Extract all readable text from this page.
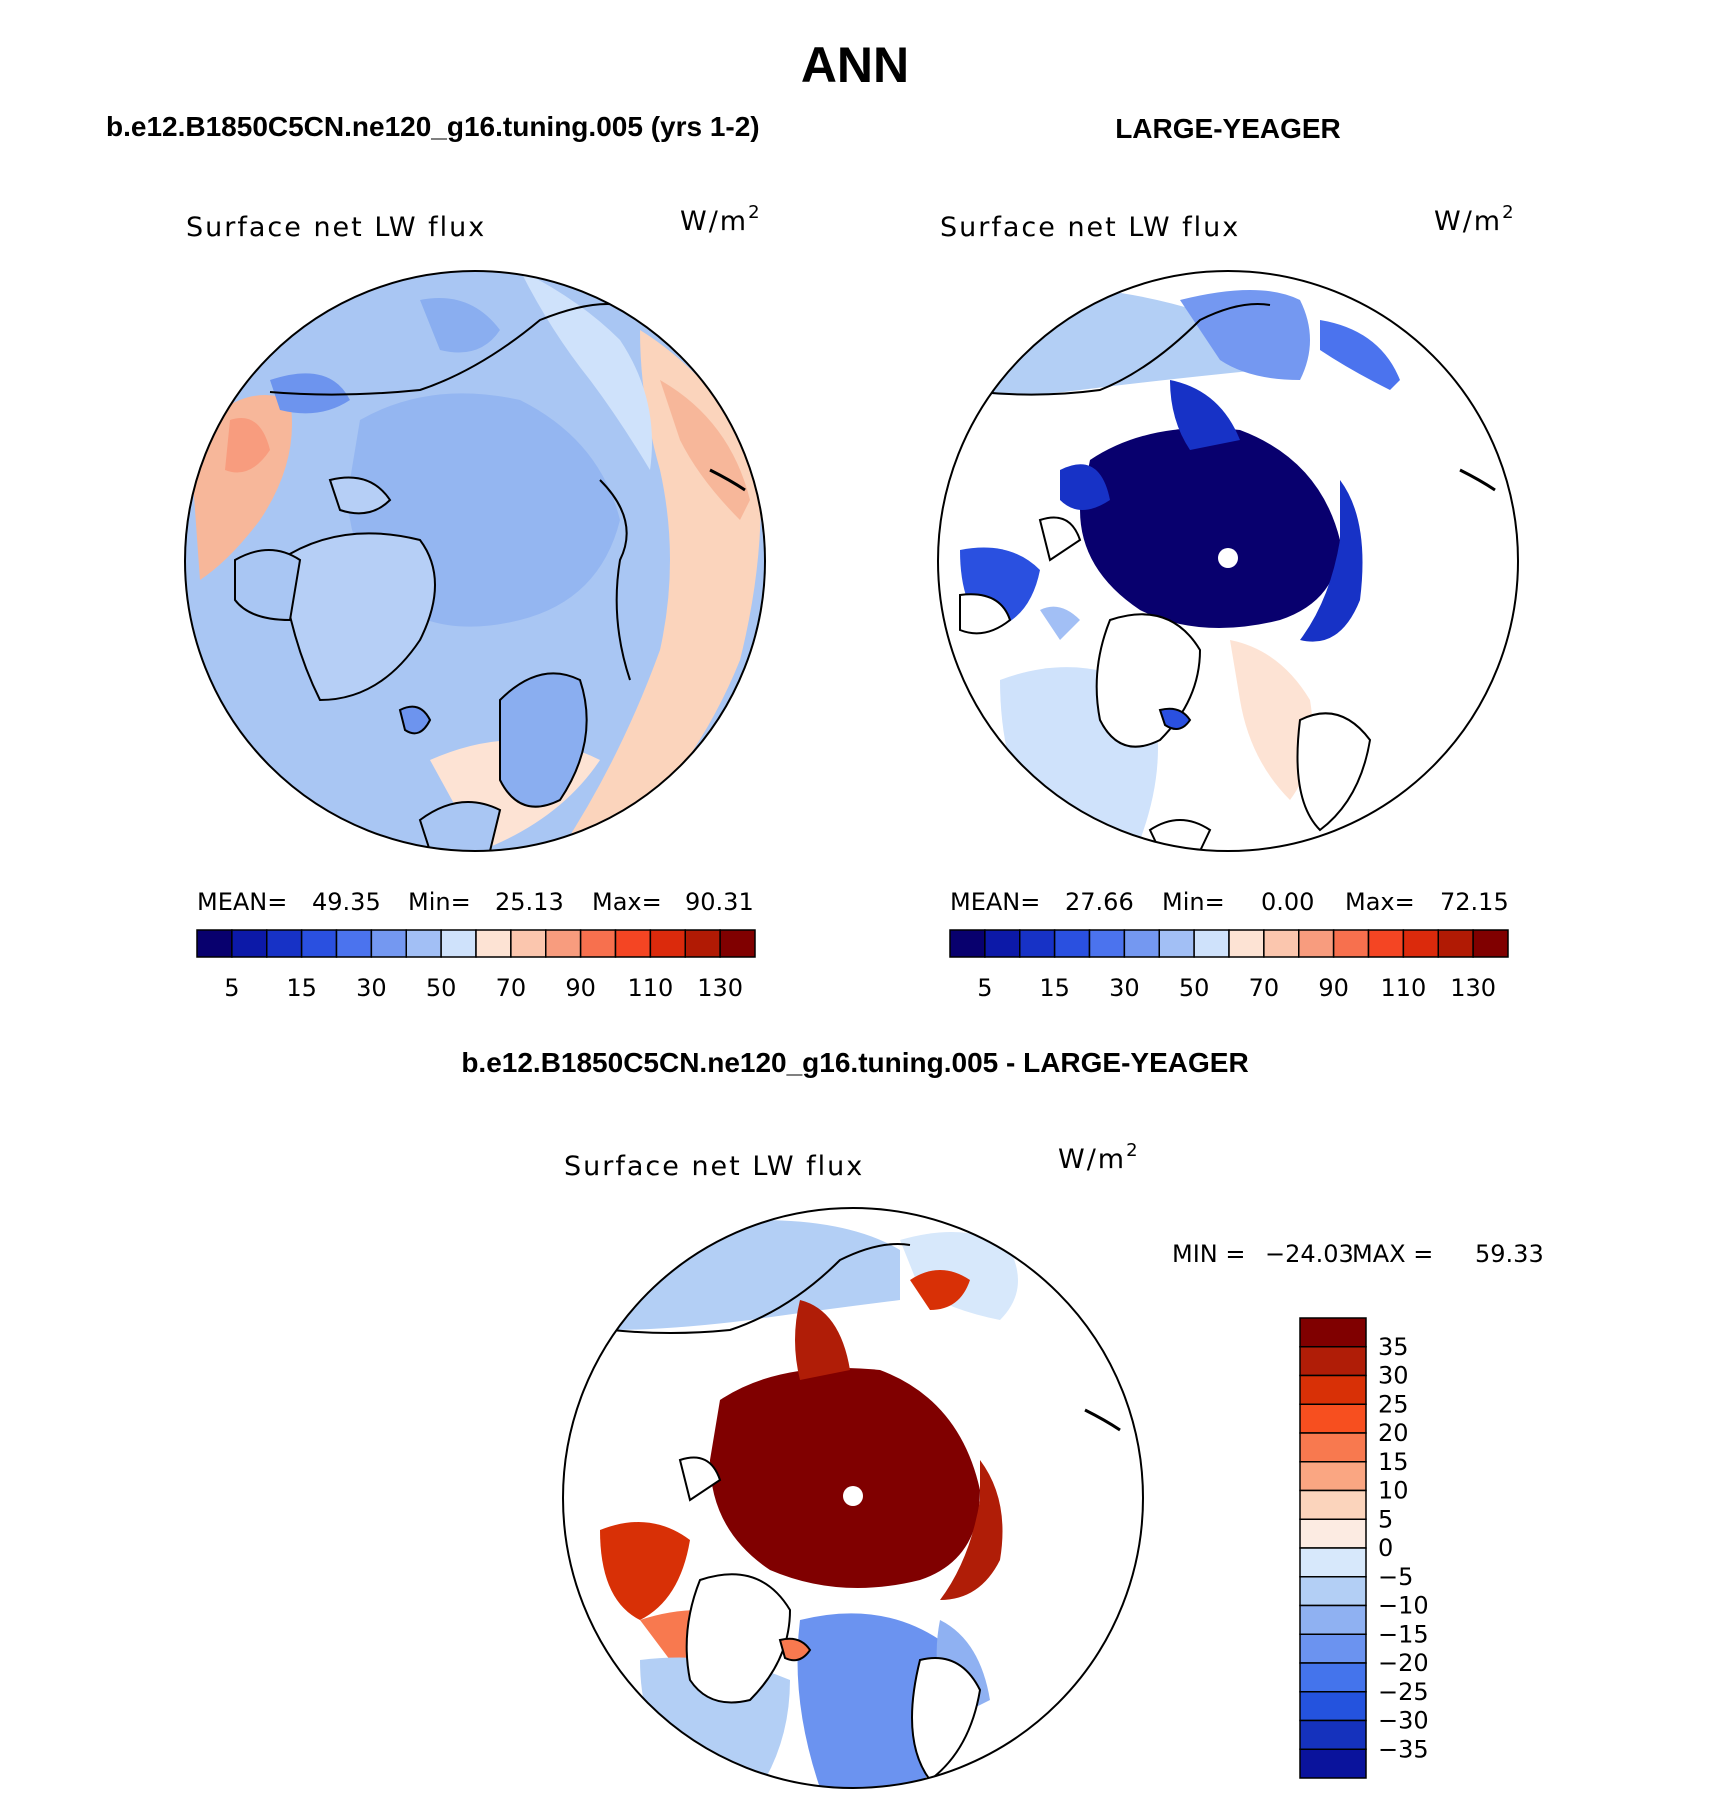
ANN
b.e12.B1850C5CN.ne120_g16.tuning.005 (yrs 1-2)	LARGE-YEAGER
Surface net LW flux	$W/m^2$
MEAN= 49.35 Min= 25.13 Max= 90.31
5 15 30 50 70 90 110 130
Surface net LW flux	$W/m^2$
MEAN= 27.66 Min= 0.00 Max= 72.15
5 15 30 50 70 90 110 130
b.e12.B1850C5CN.ne120_g16.tuning.005 - LARGE-YEAGER
Surface net LW flux	$W/m^2$
MIN = −24.03
MAX = 59.33
35
30
25
20
15
10
5
0
−5
−10
−15
−20
−25
−30
−35
